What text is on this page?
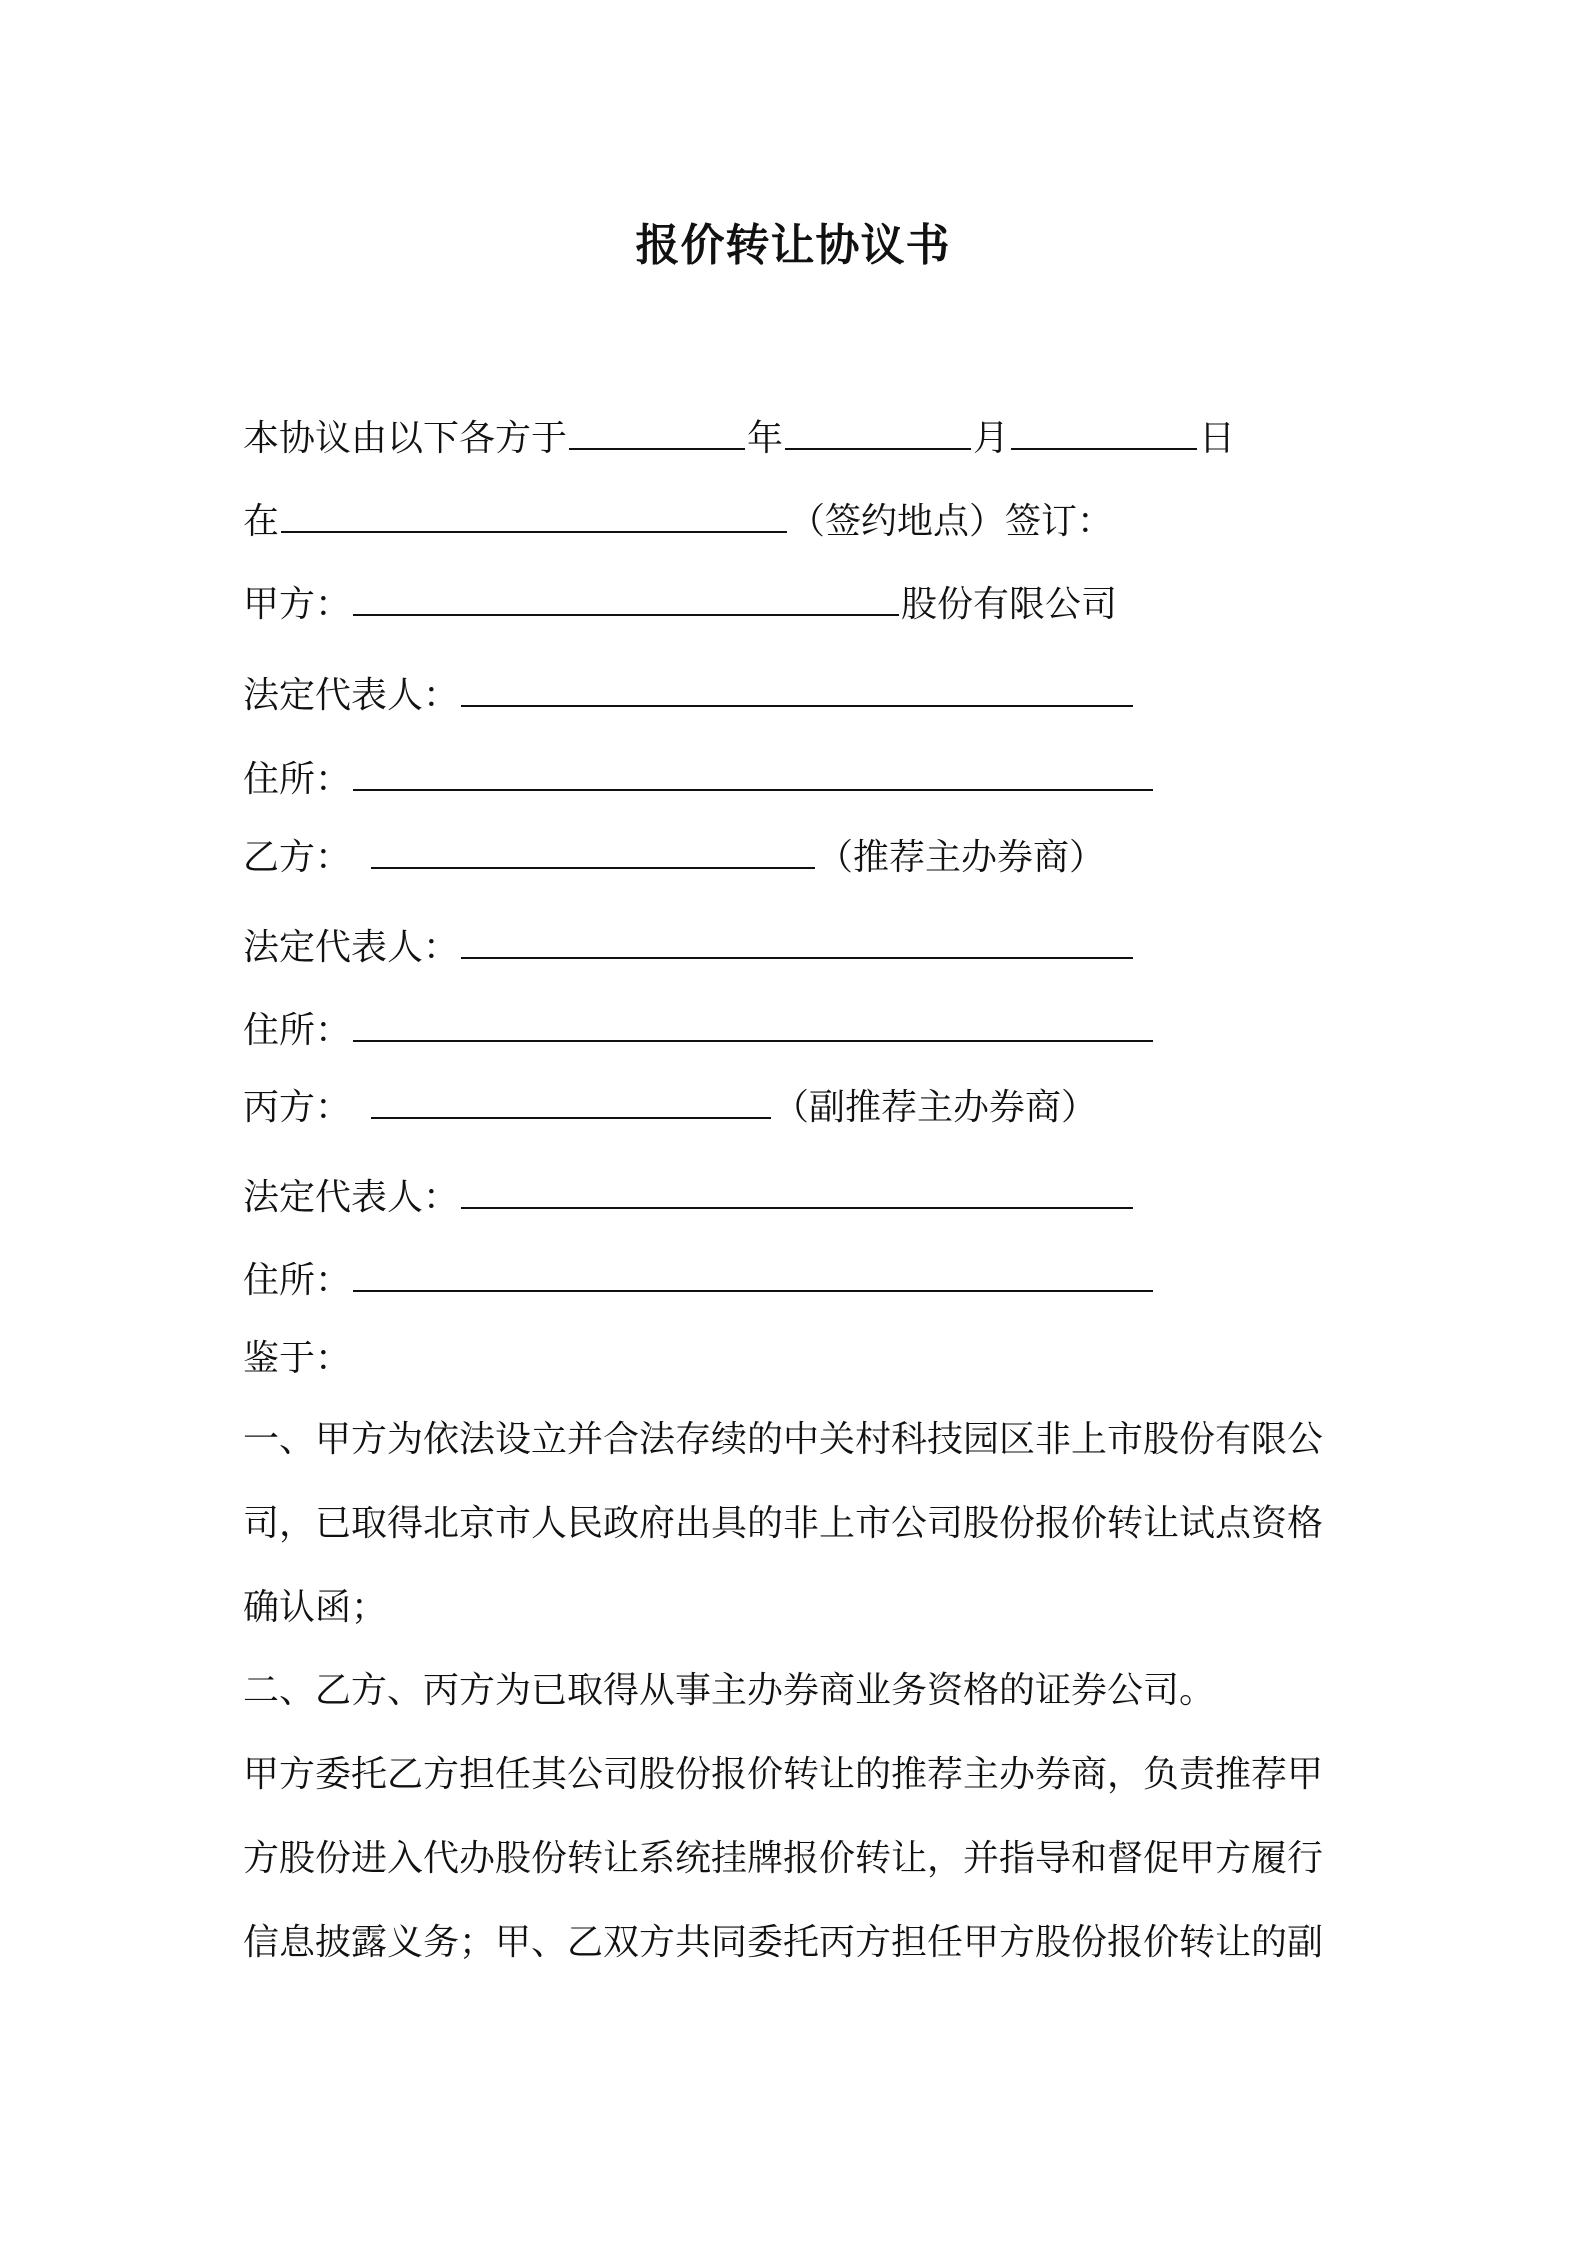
报价转让协议书
本协议由以下各方于	年	月	日
在	（签约地点）签订：
甲方：	股份有限公司
法定代表人：
住所：
乙方：	（推荐主办券商）
法定代表人：
住所：
丙方：	（副推荐主办券商）
法定代表人：
住所：
鉴于：
一、甲方为依法设立并合法存续的中关村科技园区非上市股份有限公
司，已取得北京市人民政府出具的非上市公司股份报价转让试点资格
确认函；
二、乙方、丙方为已取得从事主办券商业务资格的证券公司。
甲方委托乙方担任其公司股份报价转让的推荐主办券商，负责推荐甲
方股份进入代办股份转让系统挂牌报价转让，并指导和督促甲方履行
信息披露义务；甲、乙双方共同委托丙方担任甲方股份报价转让的副
